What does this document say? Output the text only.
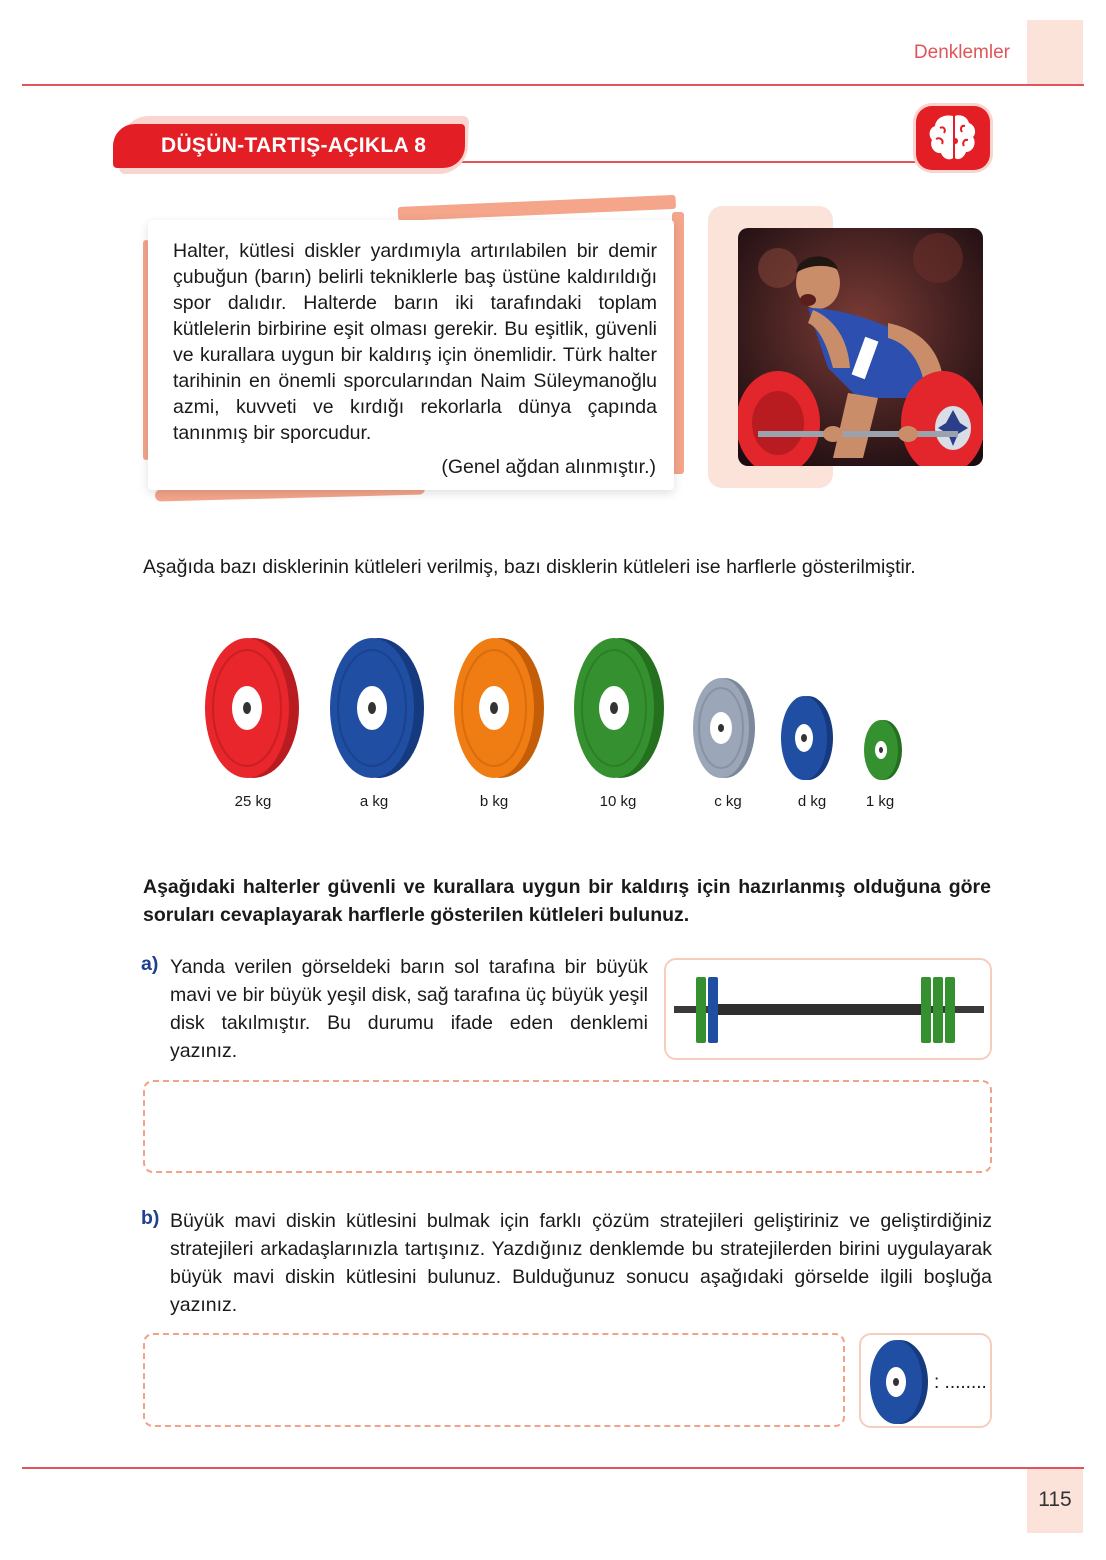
Denklemler
DÜŞÜN-TARTIŞ-AÇIKLA 8
Halter, kütlesi diskler yardımıyla artırılabilen bir demir çubuğun (barın) belirli tekniklerle baş üstüne kaldırıldığı spor dalıdır. Halterde barın iki tarafındaki toplam kütlelerin birbirine eşit olması gerekir. Bu eşitlik, güvenli ve kurallara uygun bir kaldırış için önemlidir. Türk halter tarihinin en önemli sporcularından Naim Süleymanoğlu azmi, kuvveti ve kırdığı rekorlarla dünya çapında tanınmış bir sporcudur.
(Genel ağdan alınmıştır.)
Aşağıda bazı disklerinin kütleleri verilmiş, bazı disklerin kütleleri ise harflerle gösterilmiştir.
25 kg	a kg	b kg	10 kg	c kg	d kg	1 kg
Aşağıdaki halterler güvenli ve kurallara uygun bir kaldırış için hazırlanmış olduğuna göre soruları cevaplayarak harflerle gösterilen kütleleri bulunuz.
a) Yanda verilen görseldeki barın sol tarafına bir büyük mavi ve bir büyük yeşil disk, sağ tarafına üç büyük yeşil disk takılmıştır. Bu durumu ifade eden denklemi yazınız.
b) Büyük mavi diskin kütlesini bulmak için farklı çözüm stratejileri geliştiriniz ve geliştirdiğiniz stratejileri arkadaşlarınızla tartışınız. Yazdığınız denklemde bu stratejilerden birini uygulayarak büyük mavi diskin kütlesini bulunuz. Bulduğunuz sonucu aşağıdaki görselde ilgili boşluğa yazınız.
: ........
115
